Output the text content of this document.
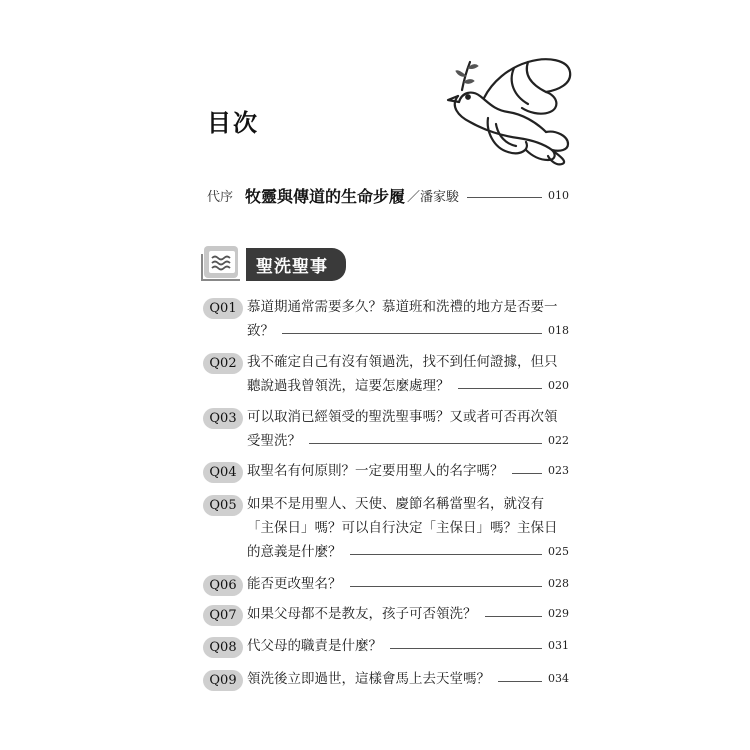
目次
代序 牧靈與傳道的生命步履 ／潘家駿	010
聖洗聖事
Q01 慕道期通常需要多久？慕道班和洗禮的地方是否要一
致？	018
Q02 我不確定自己有沒有領過洗，找不到任何證據，但只
聽說過我曾領洗，這要怎麼處理？	020
Q03 可以取消已經領受的聖洗聖事嗎？又或者可否再次領
受聖洗？	022
Q04 取聖名有何原則？一定要用聖人的名字嗎？	023
Q05 如果不是用聖人、天使、慶節名稱當聖名，就沒有
「主保日」嗎？可以自行決定「主保日」嗎？主保日
的意義是什麼？	025
Q06 能否更改聖名？	028
Q07 如果父母都不是教友，孩子可否領洗？	029
Q08 代父母的職責是什麼？	031
Q09 領洗後立即過世，這樣會馬上去天堂嗎？	034
